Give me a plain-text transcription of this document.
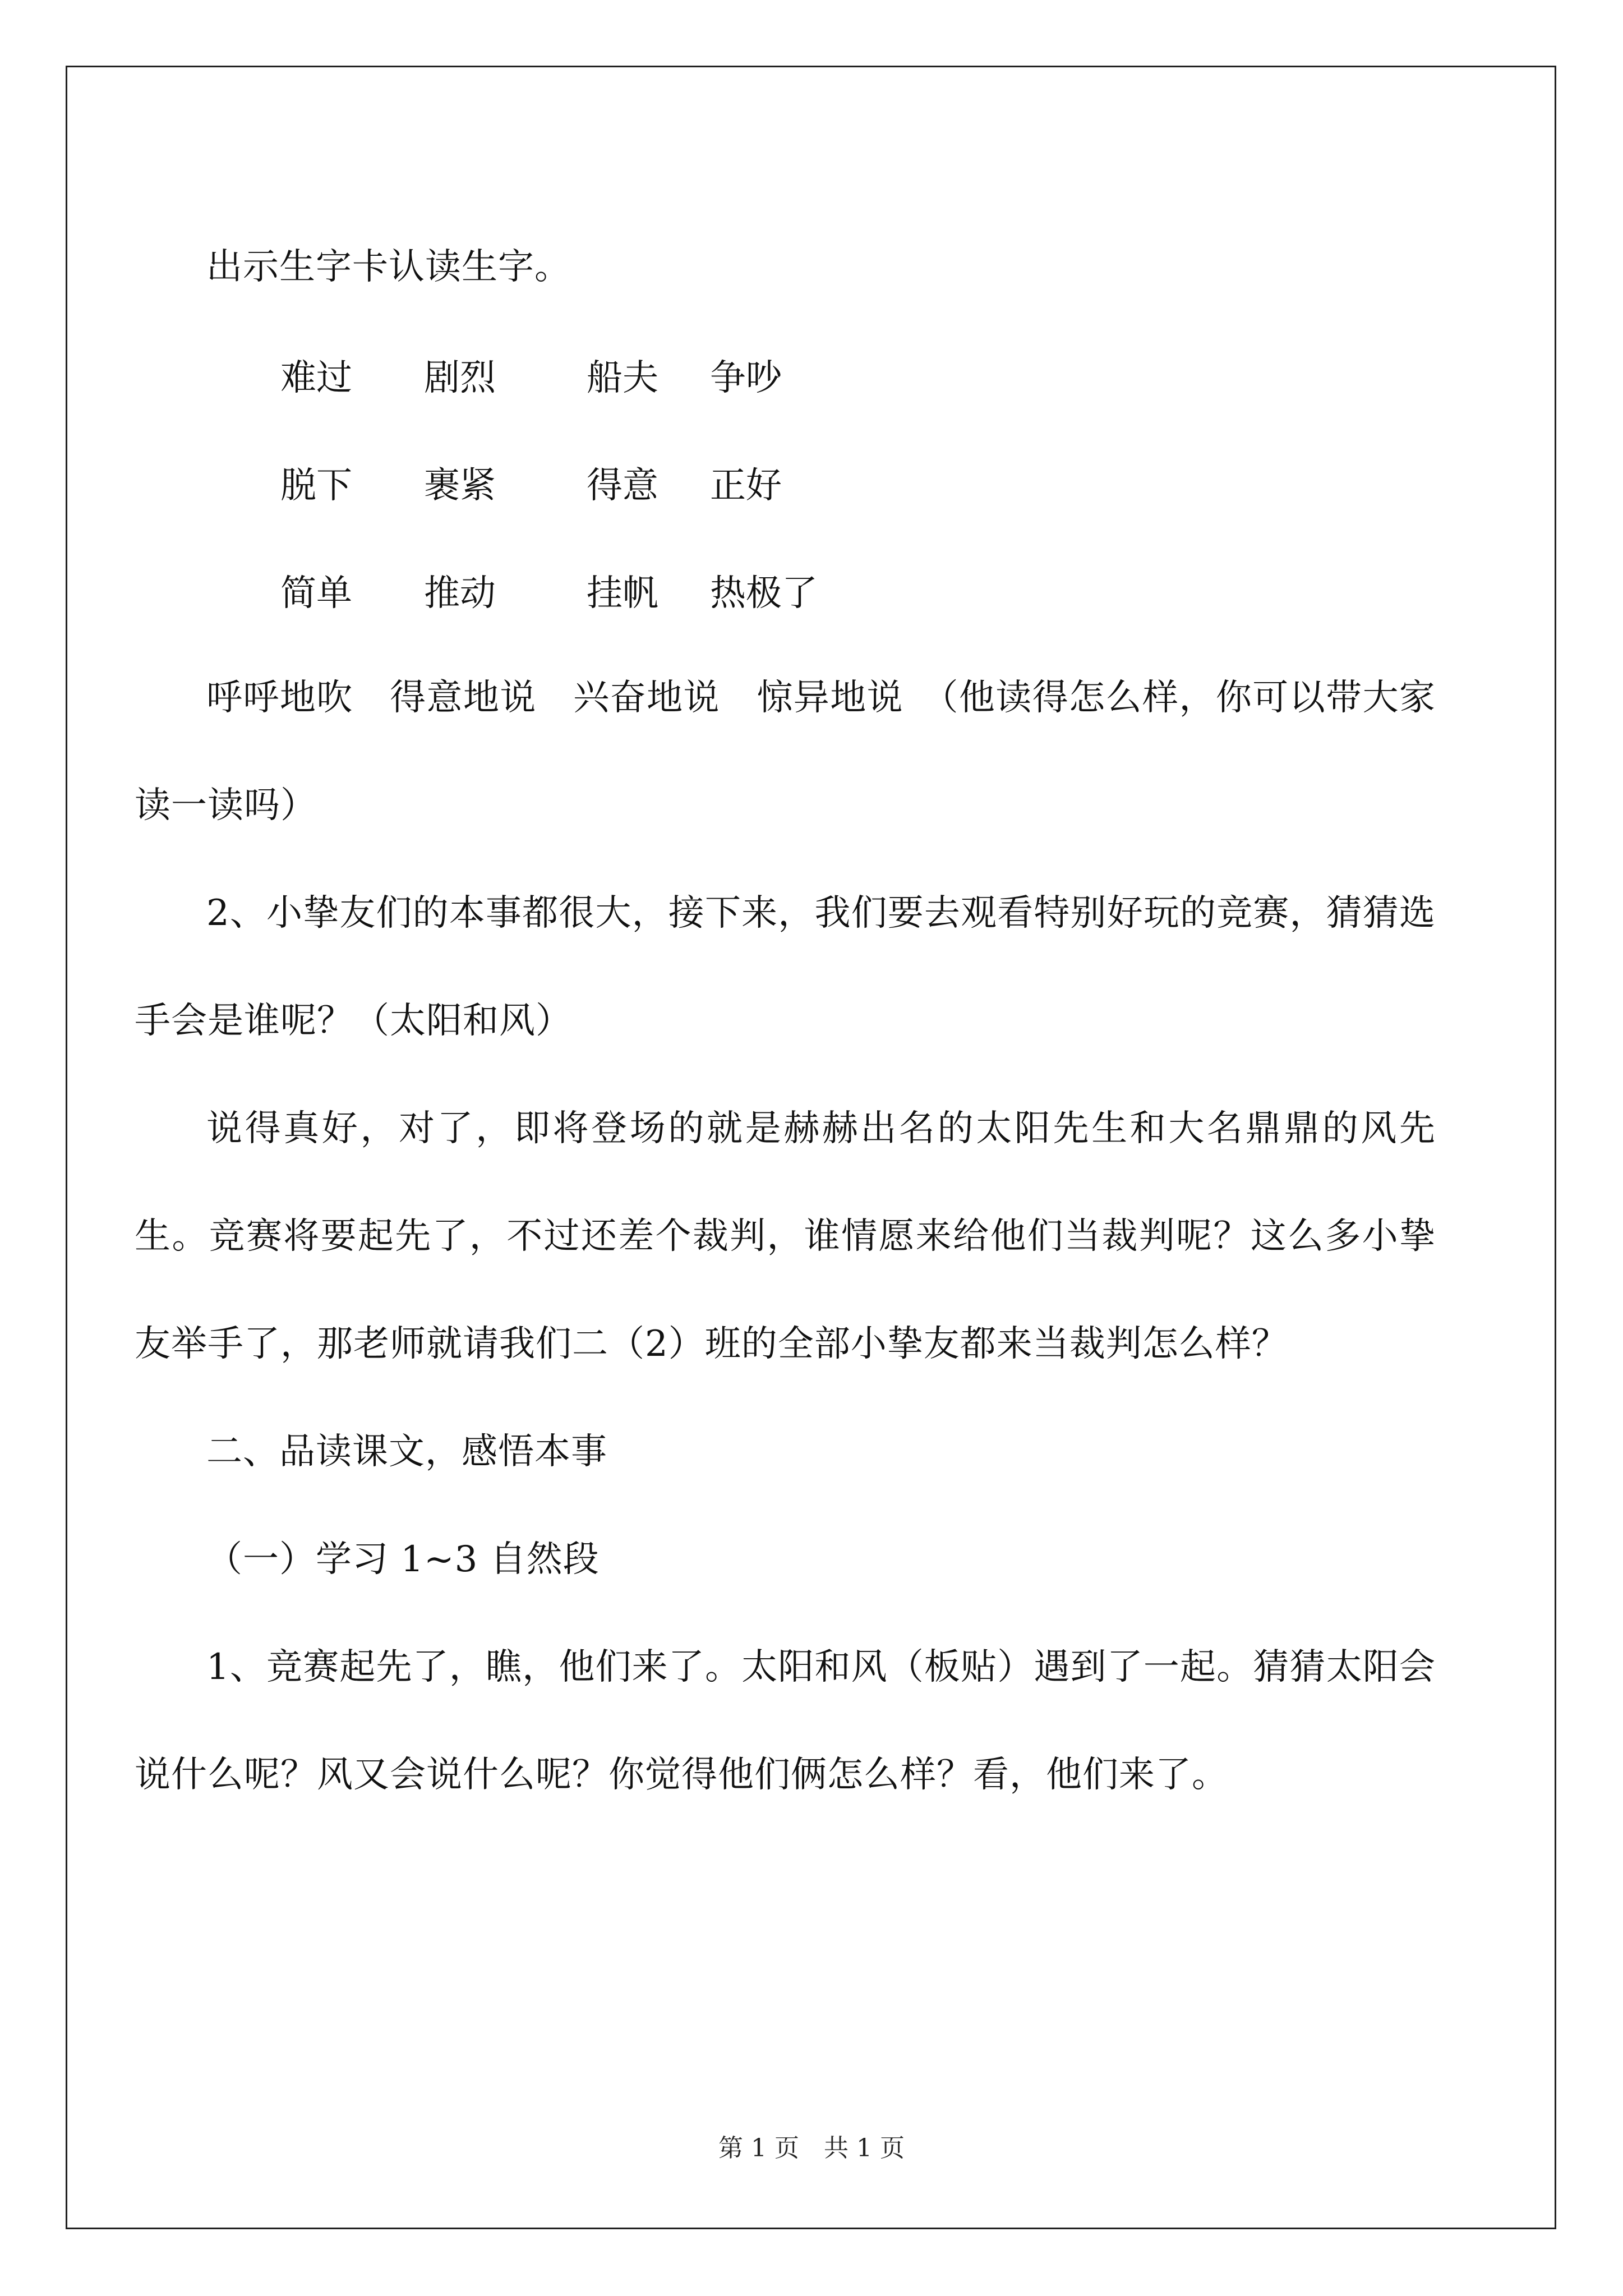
出示生字卡认读生字。

难过	剧烈	船夫	争吵
脱下	裹紧	得意	正好
简单	推动	挂帆	热极了

呼呼地吹　得意地说　兴奋地说　惊异地说　（他读得怎么样，你可以带大家读一读吗）

2、小挚友们的本事都很大，接下来，我们要去观看特别好玩的竞赛，猜猜选手会是谁呢？（太阳和风）

说得真好，对了，即将登场的就是赫赫出名的太阳先生和大名鼎鼎的风先生。竞赛将要起先了，不过还差个裁判，谁情愿来给他们当裁判呢？这么多小挚友举手了，那老师就请我们二（2）班的全部小挚友都来当裁判怎么样？

二、品读课文，感悟本事

（一）学习 1~3 自然段

1、竞赛起先了，瞧，他们来了。太阳和风（板贴）遇到了一起。猜猜太阳会说什么呢？风又会说什么呢？你觉得他们俩怎么样？看，他们来了。

第 1 页　共 1 页
